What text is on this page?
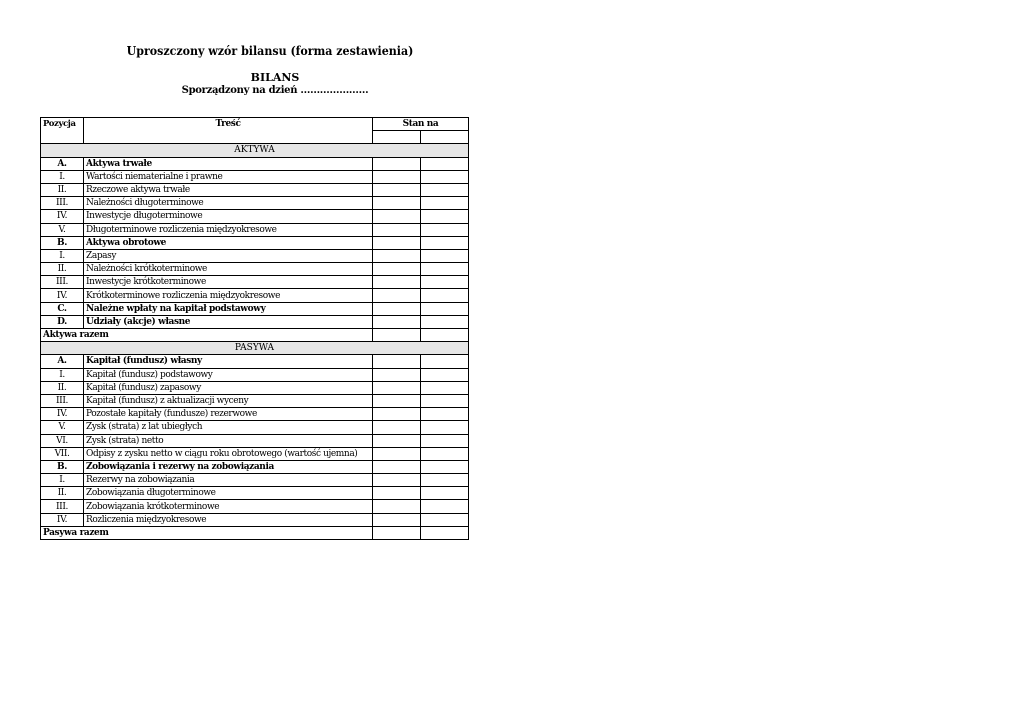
Uproszczony wzór bilansu (forma zestawienia)
BILANS
Sporządzony na dzień …………………
Pozycja	Treść	Stan na	

AKTYWA			
A.	Aktywa trwałe		
I.	Wartości niematerialne i prawne		
II.	Rzeczowe aktywa trwałe		
III.	Należności długoterminowe		
IV.	Inwestycje długoterminowe		
V.	Długoterminowe rozliczenia międzyokresowe		
B.	Aktywa obrotowe		
I.	Zapasy		
II.	Należności krótkoterminowe		
III.	Inwestycje krótkoterminowe		
IV.	Krótkoterminowe rozliczenia międzyokresowe		
C.	Należne wpłaty na kapitał podstawowy		
D.	Udziały (akcje) własne		
Aktywa razem			
PASYWA			
A.	Kapitał (fundusz) własny		
I.	Kapitał (fundusz) podstawowy		
II.	Kapitał (fundusz) zapasowy		
III.	Kapitał (fundusz) z aktualizacji wyceny		
IV.	Pozostałe kapitały (fundusze) rezerwowe		
V.	Zysk (strata) z lat ubiegłych		
VI.	Zysk (strata) netto		
VII.	Odpisy z zysku netto w ciągu roku obrotowego (wartość ujemna)		
B.	Zobowiązania i rezerwy na zobowiązania		
I.	Rezerwy na zobowiązania		
II.	Zobowiązania długoterminowe		
III.	Zobowiązania krótkoterminowe		
IV.	Rozliczenia międzyokresowe		
Pasywa razem			
